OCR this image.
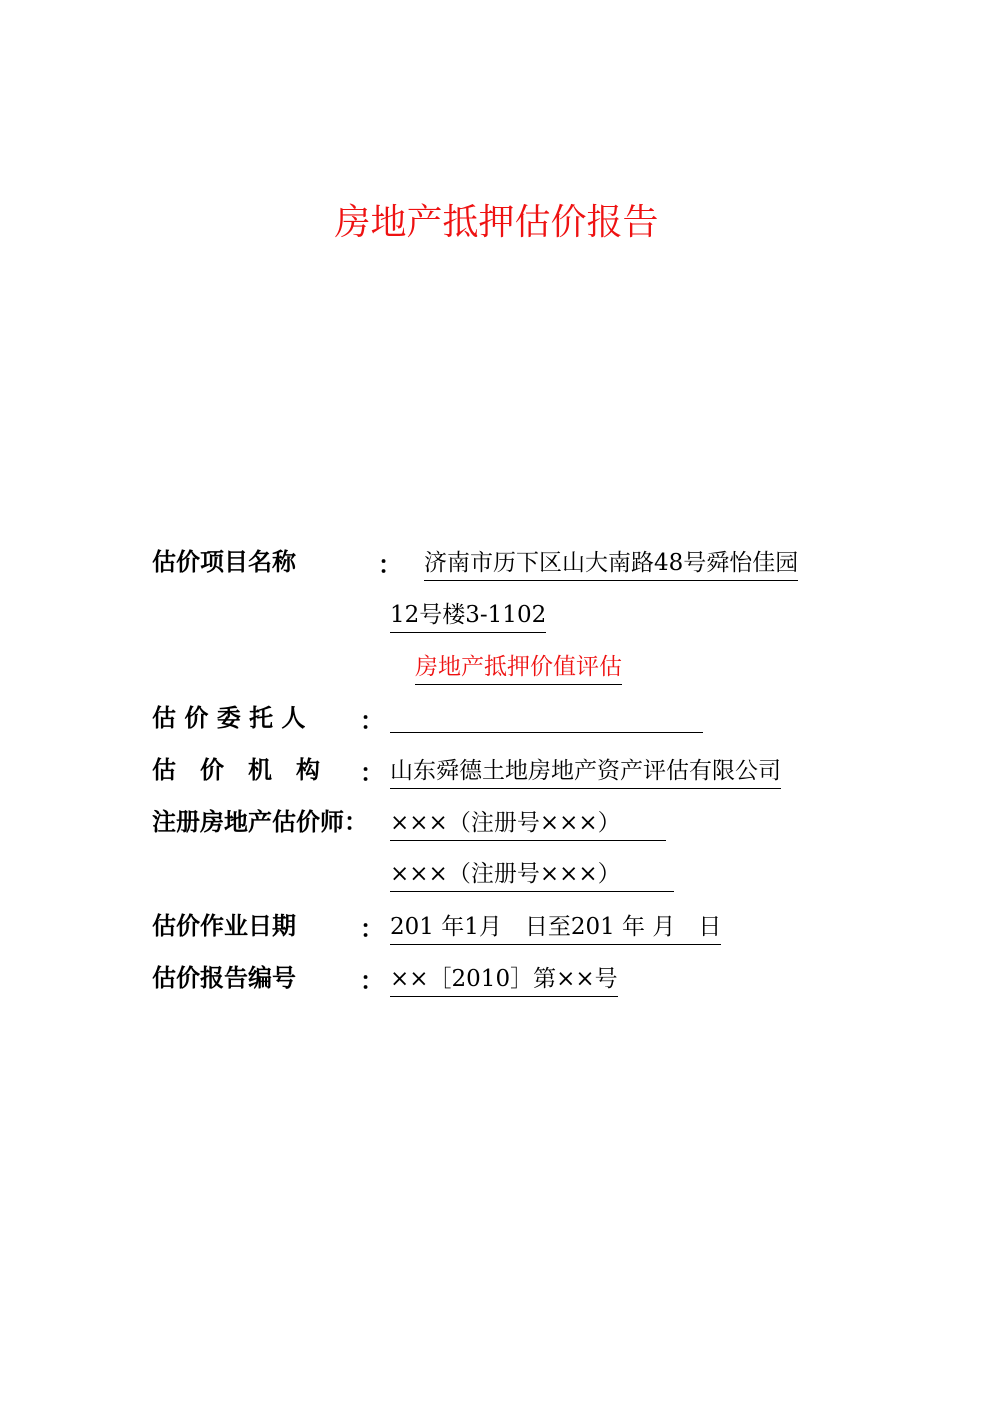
房地产抵押估价报告
估价项目名称	： 济南市历下区山大南路48号舜怡佳园
12号楼3-1102
房地产抵押价值评估
估 价 委 托 人 ：
估　价　机　构 ： 山东舜德土地房地产资产评估有限公司
注册房地产估价师： ×××（注册号×××）
×××（注册号×××）
估价作业日期	： 201 年1月　日至201 年 月　日
估价报告编号	： ××［2010］第××号
